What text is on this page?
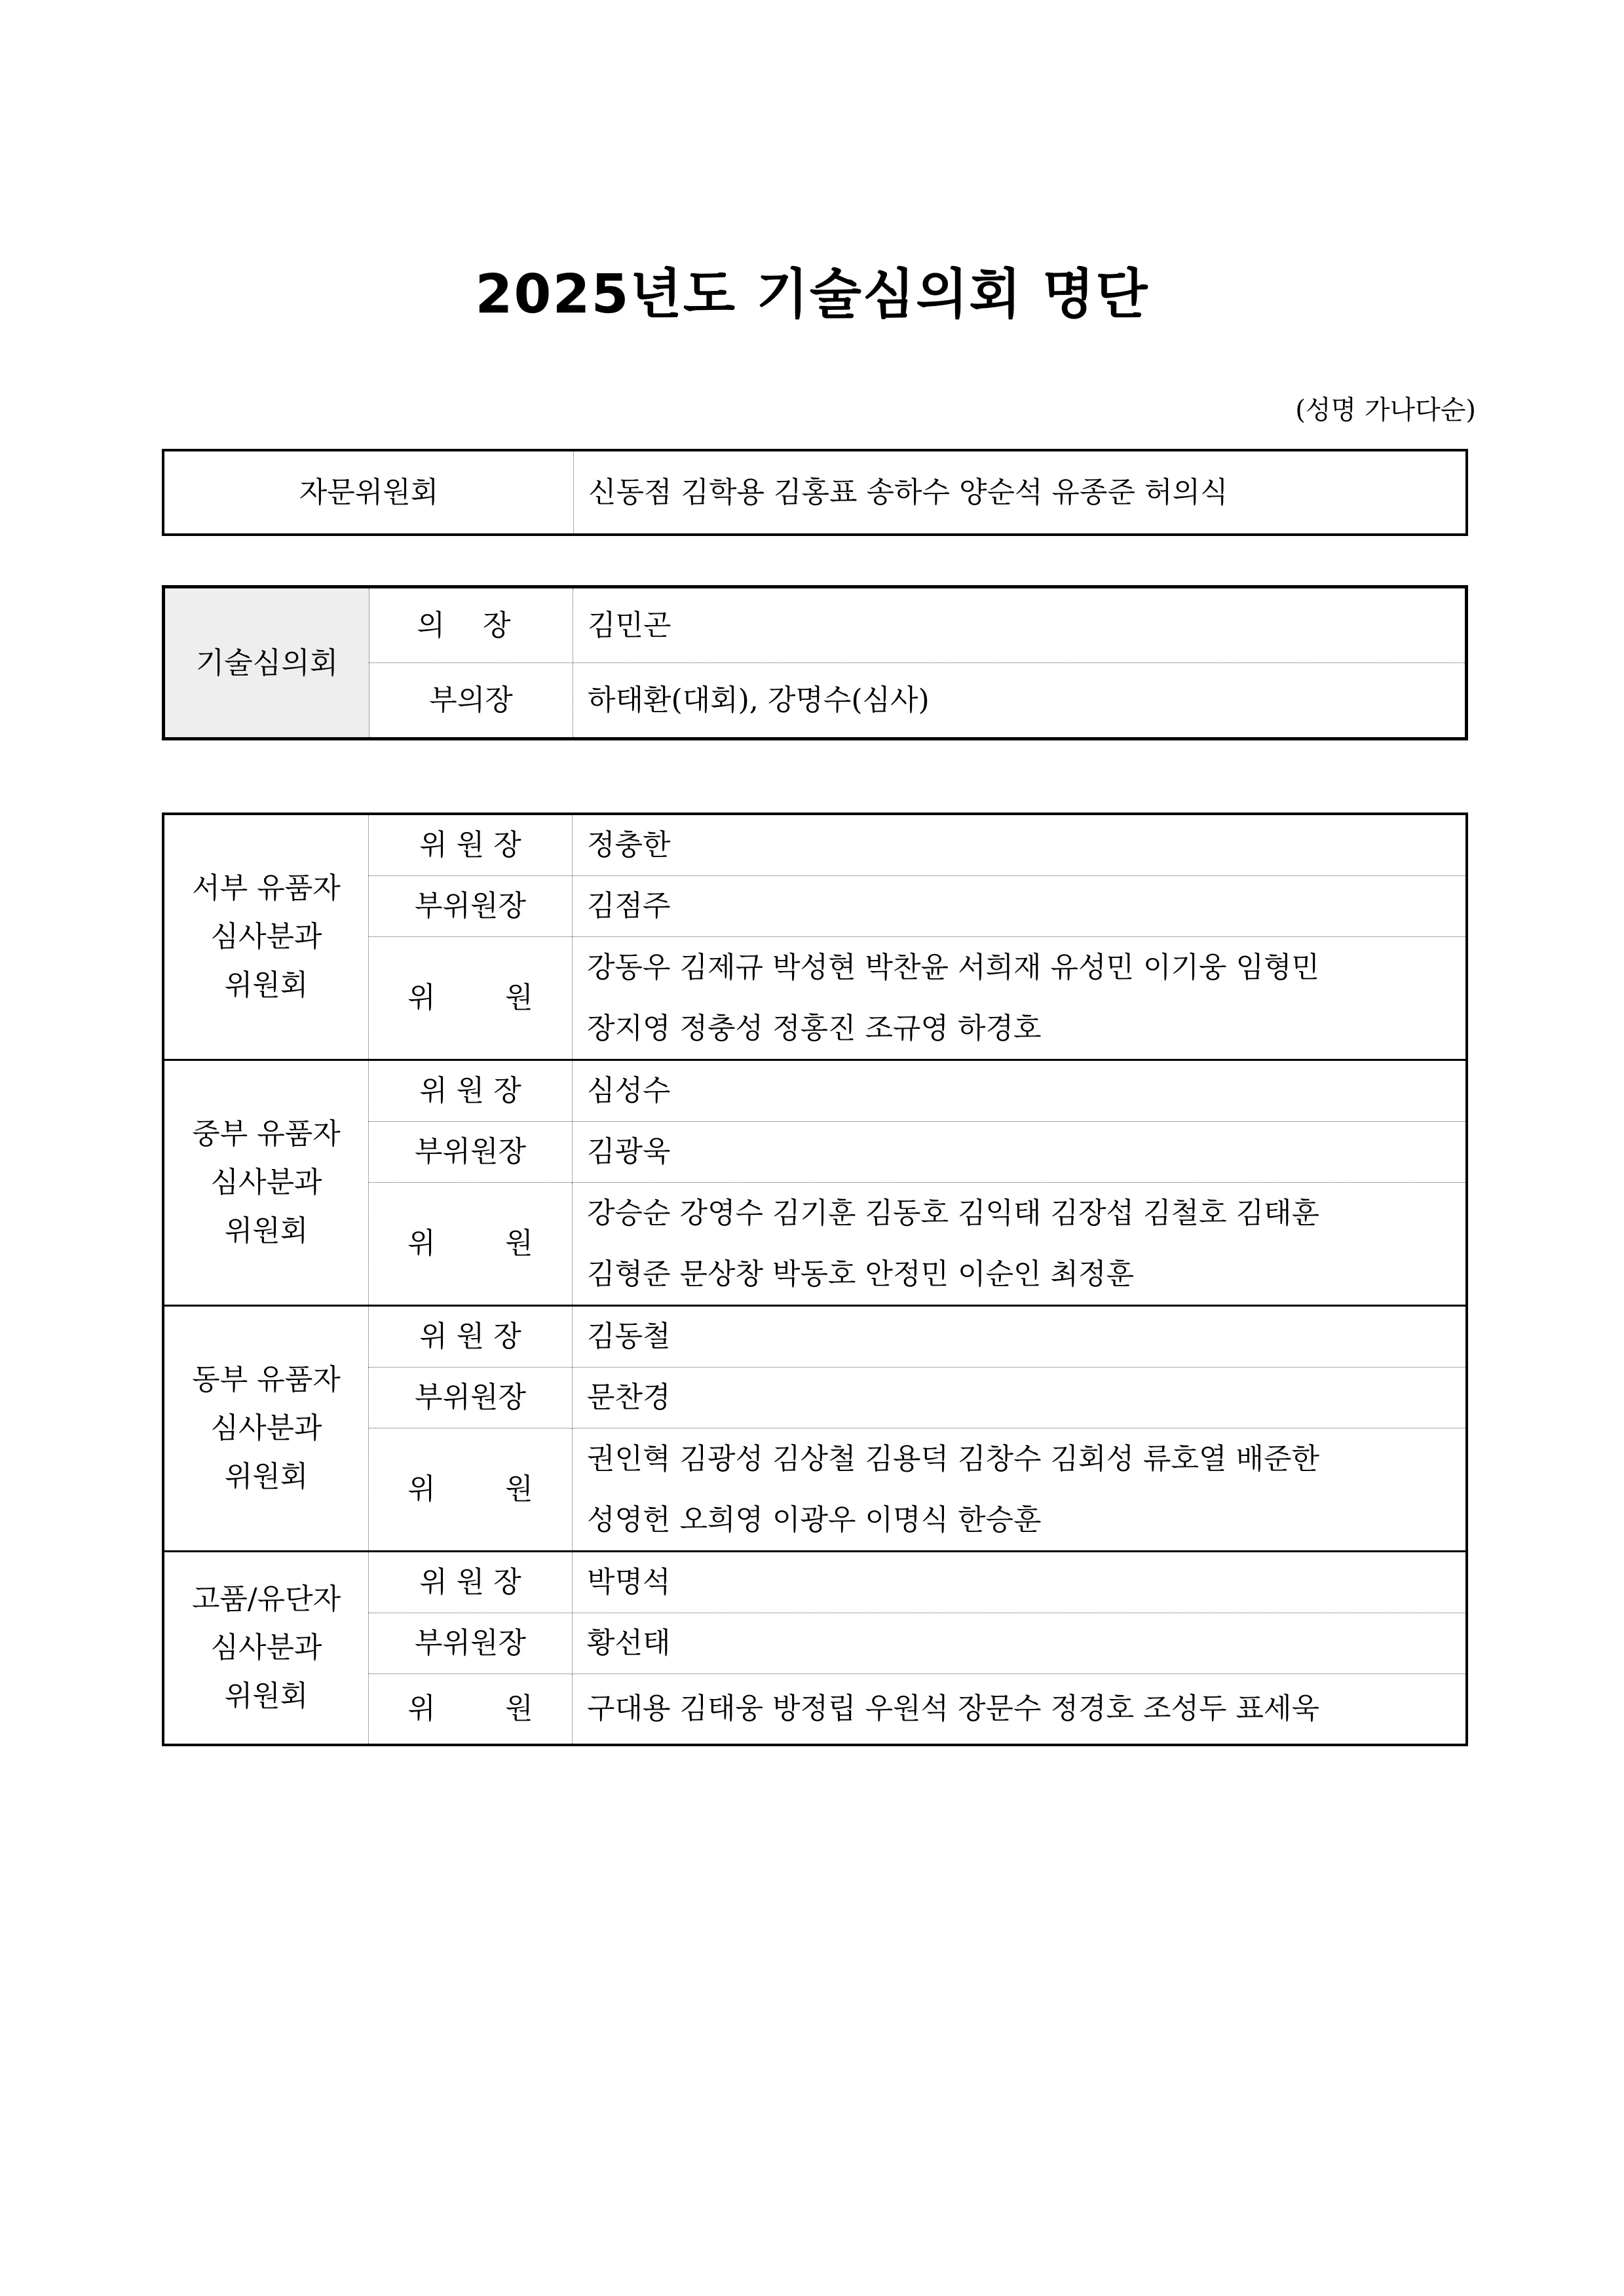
2025년도 기술심의회 명단
(성명 가나다순)
자문위원회	신동점 김학용 김홍표 송하수 양순석 유종준 허의식
기술심의회	의 장	김민곤
	부의장	하태환(대회), 강명수(심사)
서부 유품자
심사분과
위원회	위 원 장	정충한
	부위원장	김점주
	위 원	강동우 김제규 박성현 박찬윤 서희재 유성민 이기웅 임형민
장지영 정충성 정홍진 조규영 하경호

중부 유품자
심사분과
위원회	위 원 장	심성수
	부위원장	김광욱
	위 원	강승순 강영수 김기훈 김동호 김익태 김장섭 김철호 김태훈
김형준 문상창 박동호 안정민 이순인 최정훈

동부 유품자
심사분과
위원회	위 원 장	김동철
	부위원장	문찬경
	위 원	권인혁 김광성 김상철 김용덕 김창수 김회성 류호열 배준한
성영헌 오희영 이광우 이명식 한승훈

고품/유단자
심사분과
위원회	위 원 장	박명석
	부위원장	황선태
	위 원	구대용 김태웅 방정립 우원석 장문수 정경호 조성두 표세욱
